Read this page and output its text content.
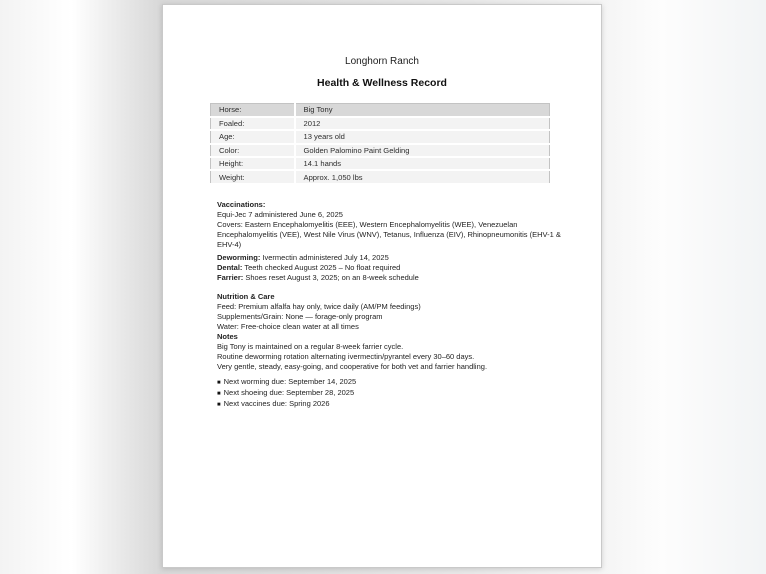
Longhorn Ranch
Health & Wellness Record
Horse:	Big Tony
Foaled:	2012
Age:	13 years old
Color:	Golden Palomino Paint Gelding
Height:	14.1 hands
Weight:	Approx. 1,050 lbs
Vaccinations:
Equi-Jec 7 administered June 6, 2025
Covers: Eastern Encephalomyelitis (EEE), Western Encephalomyelitis (WEE), Venezuelan Encephalomyelitis (VEE), West Nile Virus (WNV), Tetanus, Influenza (EIV), Rhinopneumonitis (EHV-1 & EHV-4)
Deworming: Ivermectin administered July 14, 2025
Dental: Teeth checked August 2025 – No float required
Farrier: Shoes reset August 3, 2025; on an 8-week schedule
Nutrition & Care
Feed: Premium alfalfa hay only, twice daily (AM/PM feedings)
Supplements/Grain: None — forage-only program
Water: Free-choice clean water at all times
Notes
Big Tony is maintained on a regular 8-week farrier cycle.
Routine deworming rotation alternating ivermectin/pyrantel every 30–60 days.
Very gentle, steady, easy-going, and cooperative for both vet and farrier handling.
■ Next worming due: September 14, 2025
■ Next shoeing due: September 28, 2025
■ Next vaccines due: Spring 2026
